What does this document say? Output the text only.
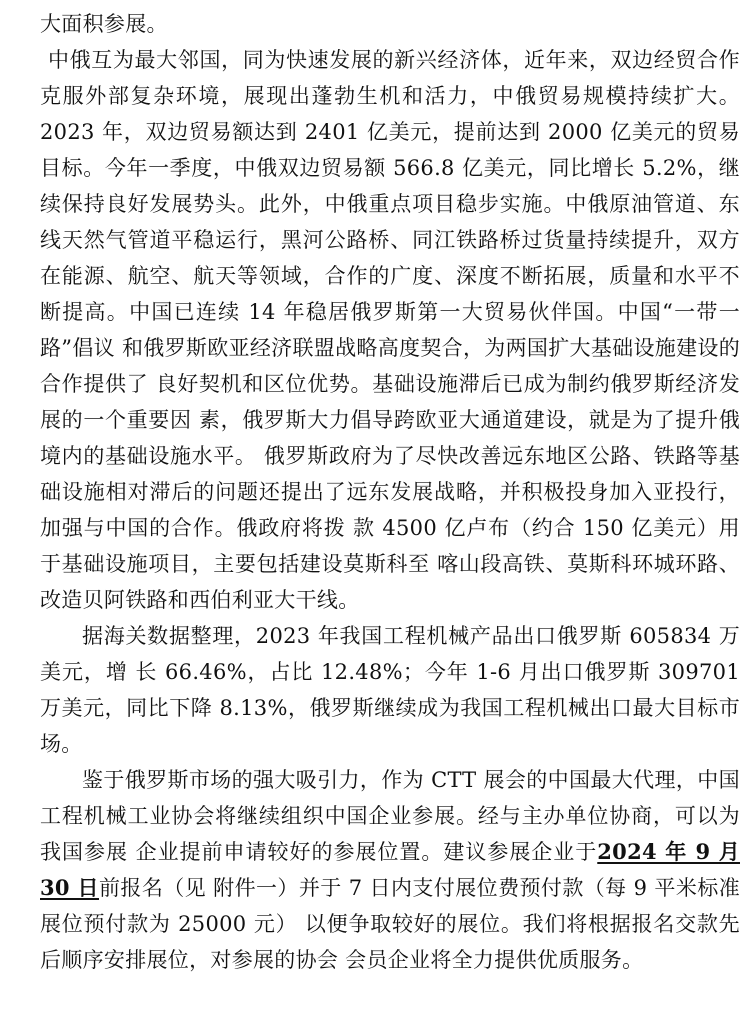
大面积参展。

中俄互为最大邻国，同为快速发展的新兴经济体，近年来，双边经贸合作克服外部复杂环境，展现出蓬勃生机和活力，中俄贸易规模持续扩大。2023 年，双边贸易额达到 2401 亿美元，提前达到 2000 亿美元的贸易目标。今年一季度，中俄双边贸易额 566.8 亿美元，同比增长 5.2%，继续保持良好发展势头。此外，中俄重点项目稳步实施。中俄原油管道、东线天然气管道平稳运行，黑河公路桥、同江铁路桥过货量持续提升，双方在能源、航空、航天等领域，合作的广度、深度不断拓展，质量和水平不断提高。中国已连续 14 年稳居俄罗斯第一大贸易伙伴国。中国“一带一路”倡议 和俄罗斯欧亚经济联盟战略高度契合，为两国扩大基础设施建设的合作提供了 良好契机和区位优势。基础设施滞后已成为制约俄罗斯经济发展的一个重要因 素，俄罗斯大力倡导跨欧亚大通道建设，就是为了提升俄境内的基础设施水平。 俄罗斯政府为了尽快改善远东地区公路、铁路等基础设施相对滞后的问题还提出了远东发展战略，并积极投身加入亚投行，加强与中国的合作。俄政府将拨 款 4500 亿卢布（约合 150 亿美元）用于基础设施项目，主要包括建设莫斯科至 喀山段高铁、莫斯科环城环路、改造贝阿铁路和西伯利亚大干线。

据海关数据整理，2023 年我国工程机械产品出口俄罗斯 605834 万美元，增 长 66.46%，占比 12.48%；今年 1-6 月出口俄罗斯 309701 万美元，同比下降 8.13%，俄罗斯继续成为我国工程机械出口最大目标市场。

鉴于俄罗斯市场的强大吸引力，作为 CTT 展会的中国最大代理，中国工程机械工业协会将继续组织中国企业参展。经与主办单位协商，可以为我国参展 企业提前申请较好的参展位置。建议参展企业于2024 年 9 月 30 日前报名（见 附件一）并于 7 日内支付展位费预付款（每 9 平米标准展位预付款为 25000 元） 以便争取较好的展位。我们将根据报名交款先后顺序安排展位，对参展的协会 会员企业将全力提供优质服务。
